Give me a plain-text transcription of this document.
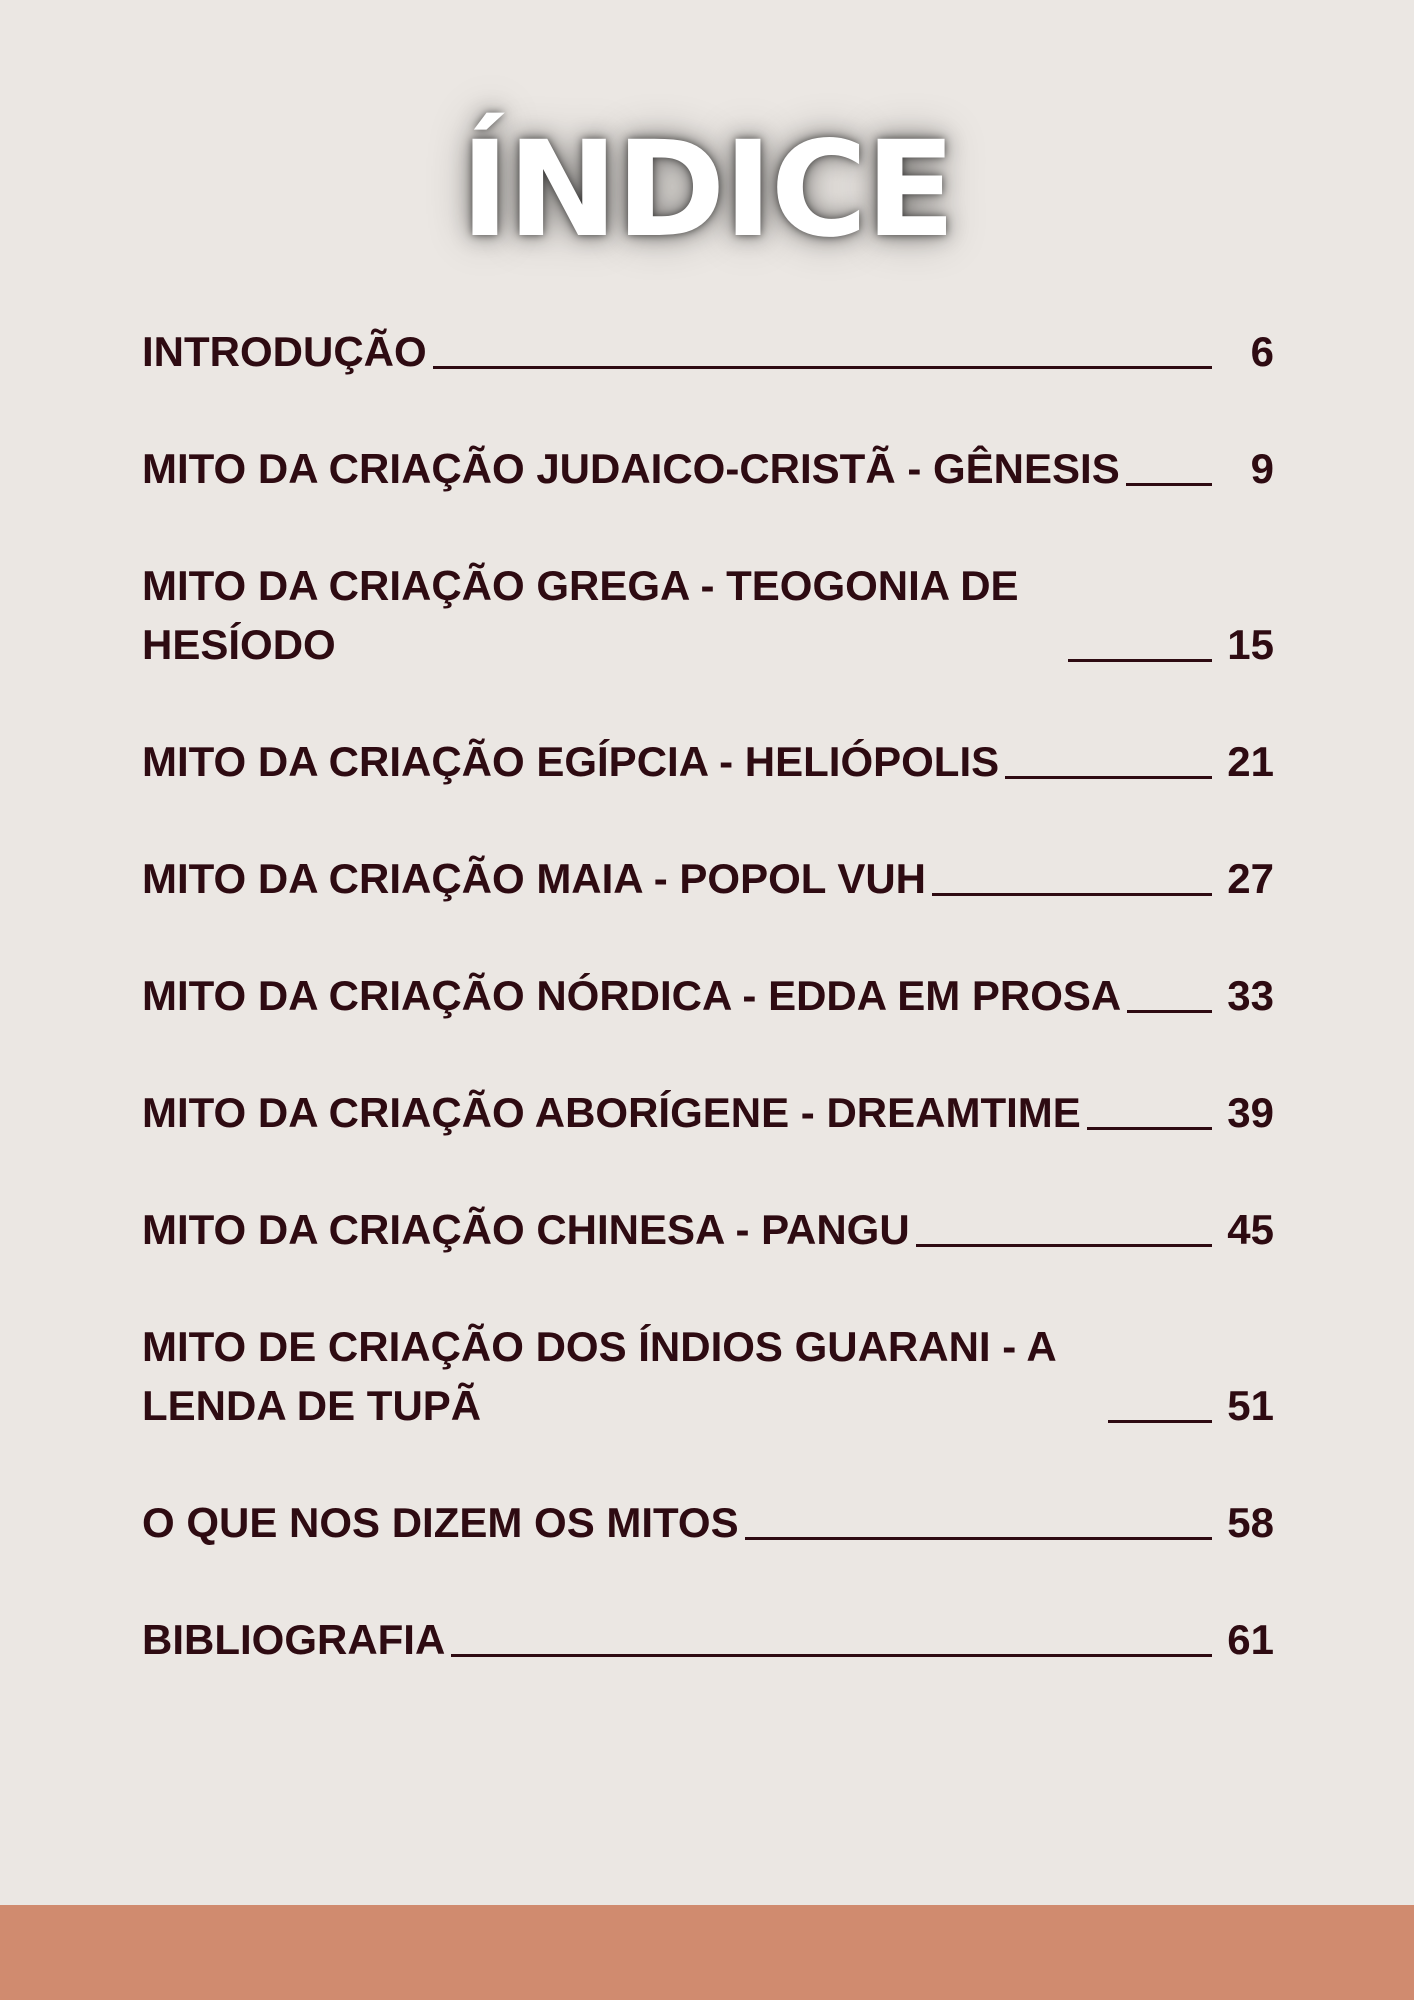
ÍNDICE
INTRODUÇÃO	6
MITO DA CRIAÇÃO JUDAICO-CRISTÃ - GÊNESIS	9
MITO DA CRIAÇÃO GREGA - TEOGONIA DE HESÍODO	15
MITO DA CRIAÇÃO EGÍPCIA - HELIÓPOLIS	21
MITO DA CRIAÇÃO MAIA - POPOL VUH	27
MITO DA CRIAÇÃO NÓRDICA - EDDA EM PROSA	33
MITO DA CRIAÇÃO ABORÍGENE - DREAMTIME	39
MITO DA CRIAÇÃO CHINESA - PANGU	45
MITO DE CRIAÇÃO DOS ÍNDIOS GUARANI - A LENDA DE TUPÃ	51
O QUE NOS DIZEM OS MITOS	58
BIBLIOGRAFIA	61
